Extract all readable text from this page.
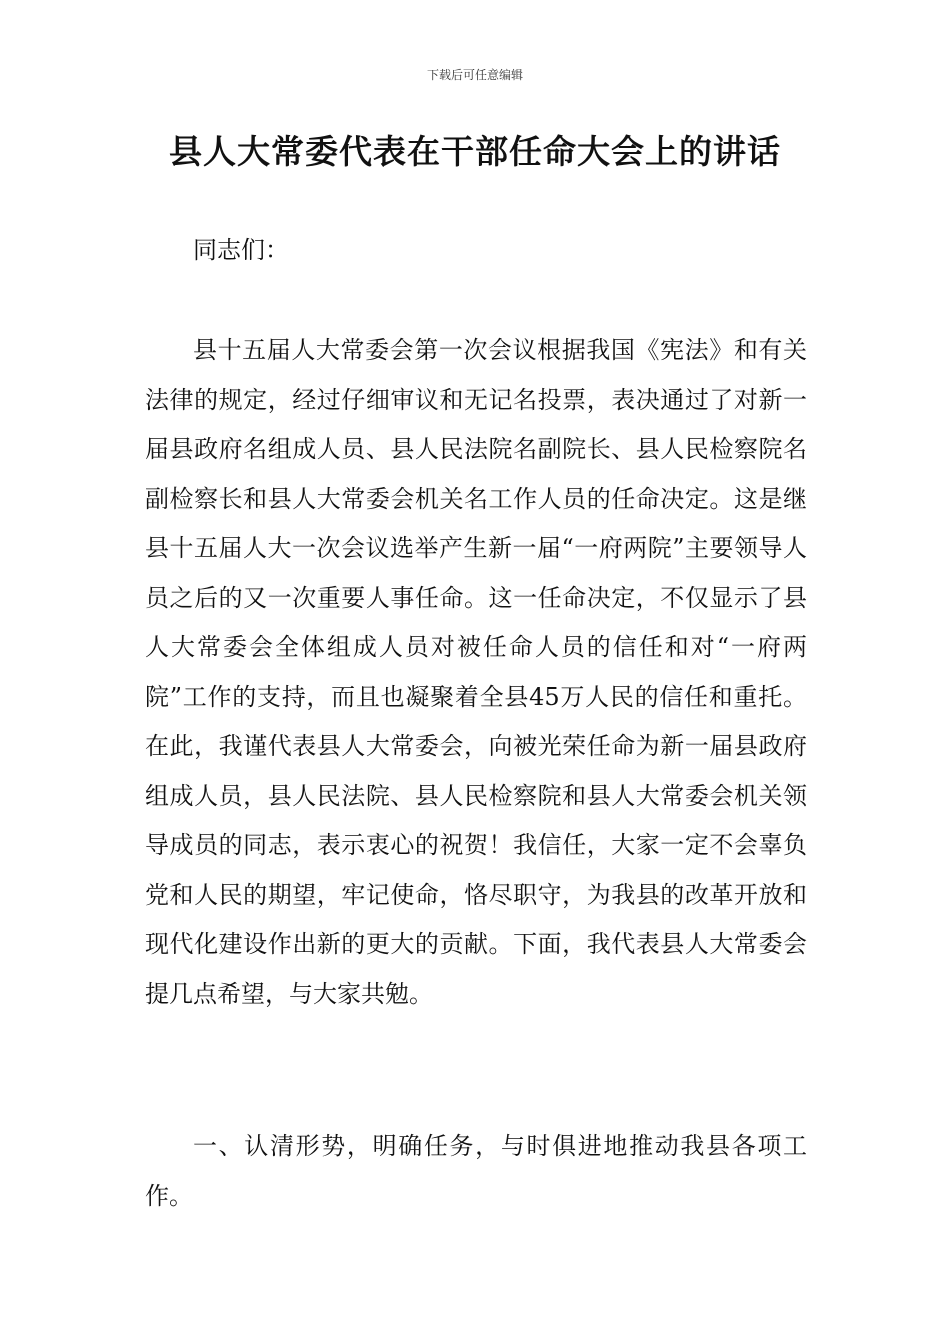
下载后可任意编辑
县人大常委代表在干部任命大会上的讲话

同志们：

县十五届人大常委会第一次会议根据我国《宪法》和有关法律的规定，经过仔细审议和无记名投票，表决通过了对新一届县政府名组成人员、县人民法院名副院长、县人民检察院名副检察长和县人大常委会机关名工作人员的任命决定。这是继县十五届人大一次会议选举产生新一届“一府两院”主要领导人员之后的又一次重要人事任命。这一任命决定，不仅显示了县人大常委会全体组成人员对被任命人员的信任和对“一府两院”工作的支持，而且也凝聚着全县45万人民的信任和重托。在此，我谨代表县人大常委会，向被光荣任命为新一届县政府组成人员，县人民法院、县人民检察院和县人大常委会机关领导成员的同志，表示衷心的祝贺！我信任，大家一定不会辜负党和人民的期望，牢记使命，恪尽职守，为我县的改革开放和现代化建设作出新的更大的贡献。下面，我代表县人大常委会提几点希望，与大家共勉。

一、认清形势，明确任务，与时俱进地推动我县各项工作。
